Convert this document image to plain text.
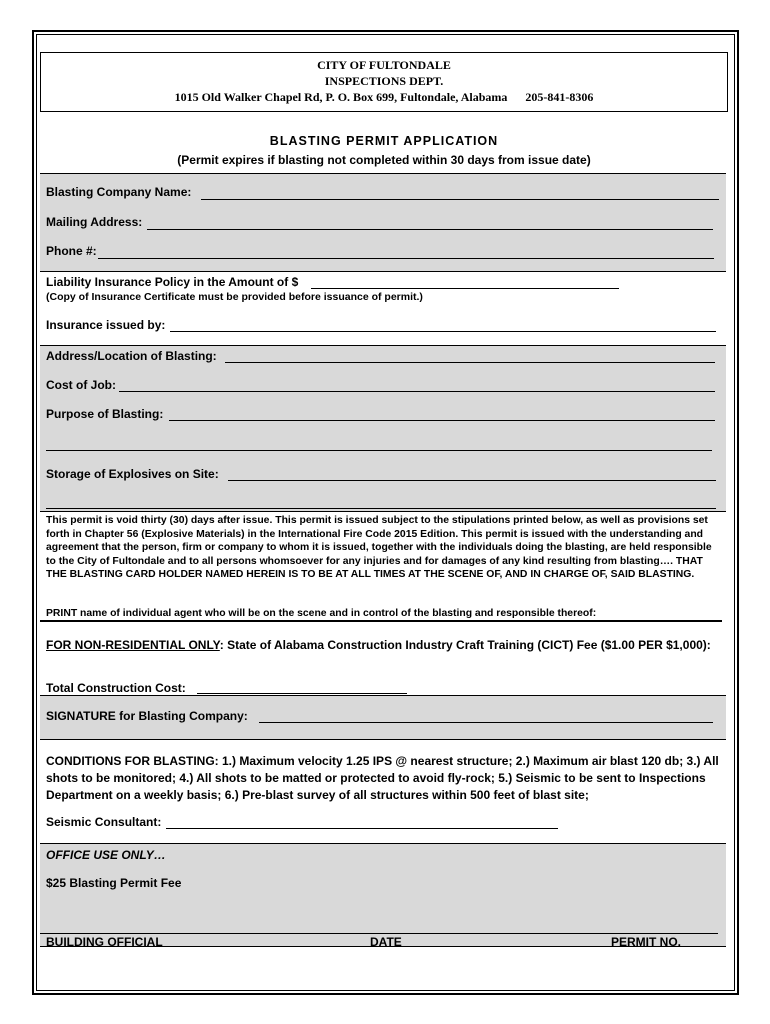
CITY OF FULTONDALE
INSPECTIONS DEPT.
1015 Old Walker Chapel Rd, P. O. Box 699, Fultondale, Alabama      205-841-8306
BLASTING PERMIT APPLICATION
(Permit expires if blasting not completed within 30 days from issue date)
Blasting Company Name:
Mailing Address:
Phone #:
Liability Insurance Policy in the Amount of $
(Copy of Insurance Certificate must be provided before issuance of permit.)
Insurance issued by:
Address/Location of Blasting:
Cost of Job:
Purpose of Blasting:
Storage of Explosives on Site:
This permit is void thirty (30) days after issue. This permit is issued subject to the stipulations printed below, as well as provisions set forth in Chapter 56 (Explosive Materials) in the International Fire Code 2015 Edition. This permit is issued with the understanding and agreement that the person, firm or company to whom it is issued, together with the individuals doing the blasting, are held responsible to the City of Fultondale and to all persons whomsoever for any injuries and for damages of any kind resulting from blasting…. THAT THE BLASTING CARD HOLDER NAMED HEREIN IS TO BE AT ALL TIMES AT THE SCENE OF, AND IN CHARGE OF, SAID BLASTING.
PRINT name of individual agent who will be on the scene and in control of the blasting and responsible thereof:
FOR NON-RESIDENTIAL ONLY: State of Alabama Construction Industry Craft Training (CICT) Fee ($1.00 PER $1,000):
Total Construction Cost:
SIGNATURE for Blasting Company:
CONDITIONS FOR BLASTING: 1.) Maximum velocity 1.25 IPS @ nearest structure; 2.) Maximum air blast 120 db; 3.) All shots to be monitored; 4.) All shots to be matted or protected to avoid fly-rock; 5.) Seismic to be sent to Inspections Department on a weekly basis; 6.) Pre-blast survey of all structures within 500 feet of blast site;
Seismic Consultant:
OFFICE USE ONLY…
$25 Blasting Permit Fee
BUILDING OFFICIAL	DATE	PERMIT NO.
